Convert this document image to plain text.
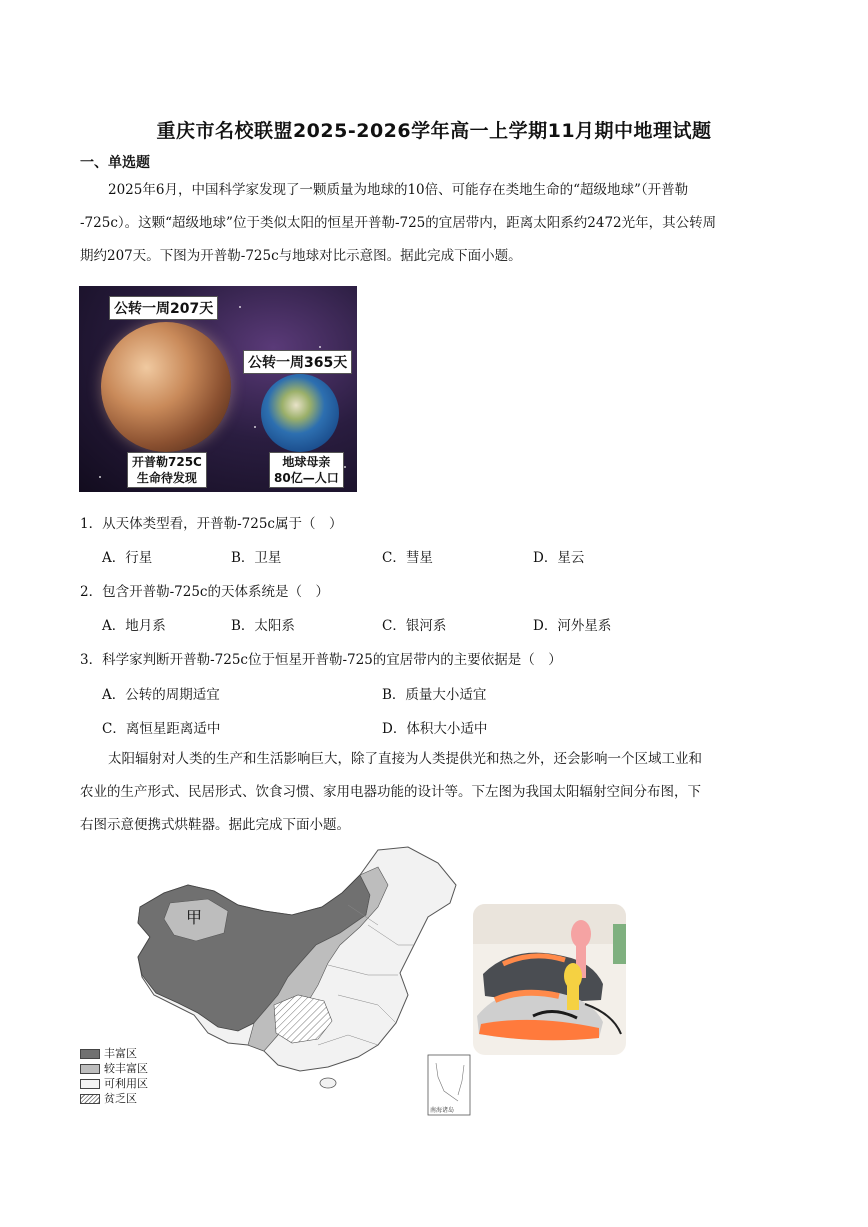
重庆市名校联盟2025-2026学年高一上学期11月期中地理试题
一、单选题
2025年6月，中国科学家发现了一颗质量为地球的10倍、可能存在类地生命的“超级地球”（开普勒
-725c）。这颗“超级地球”位于类似太阳的恒星开普勒-725的宜居带内，距离太阳系约2472光年，其公转周
期约207天。下图为开普勒-725c与地球对比示意图。据此完成下面小题。
公转一周207天
公转一周365天
开普勒725C
生命待发现
地球母亲
80亿—人口
1．从天体类型看，开普勒-725c属于（　）
A．行星	B．卫星	C．彗星	D．星云
2．包含开普勒-725c的天体系统是（　）
A．地月系	B．太阳系	C．银河系	D．河外星系
3．科学家判断开普勒-725c位于恒星开普勒-725的宜居带内的主要依据是（　）
A．公转的周期适宜	B．质量大小适宜
C．离恒星距离适中	D．体积大小适中
太阳辐射对人类的生产和生活影响巨大，除了直接为人类提供光和热之外，还会影响一个区域工业和
农业的生产形式、民居形式、饮食习惯、家用电器功能的设计等。下左图为我国太阳辐射空间分布图，下
右图示意便携式烘鞋器。据此完成下面小题。
甲
南海诸岛
丰富区
较丰富区
可利用区
贫乏区
